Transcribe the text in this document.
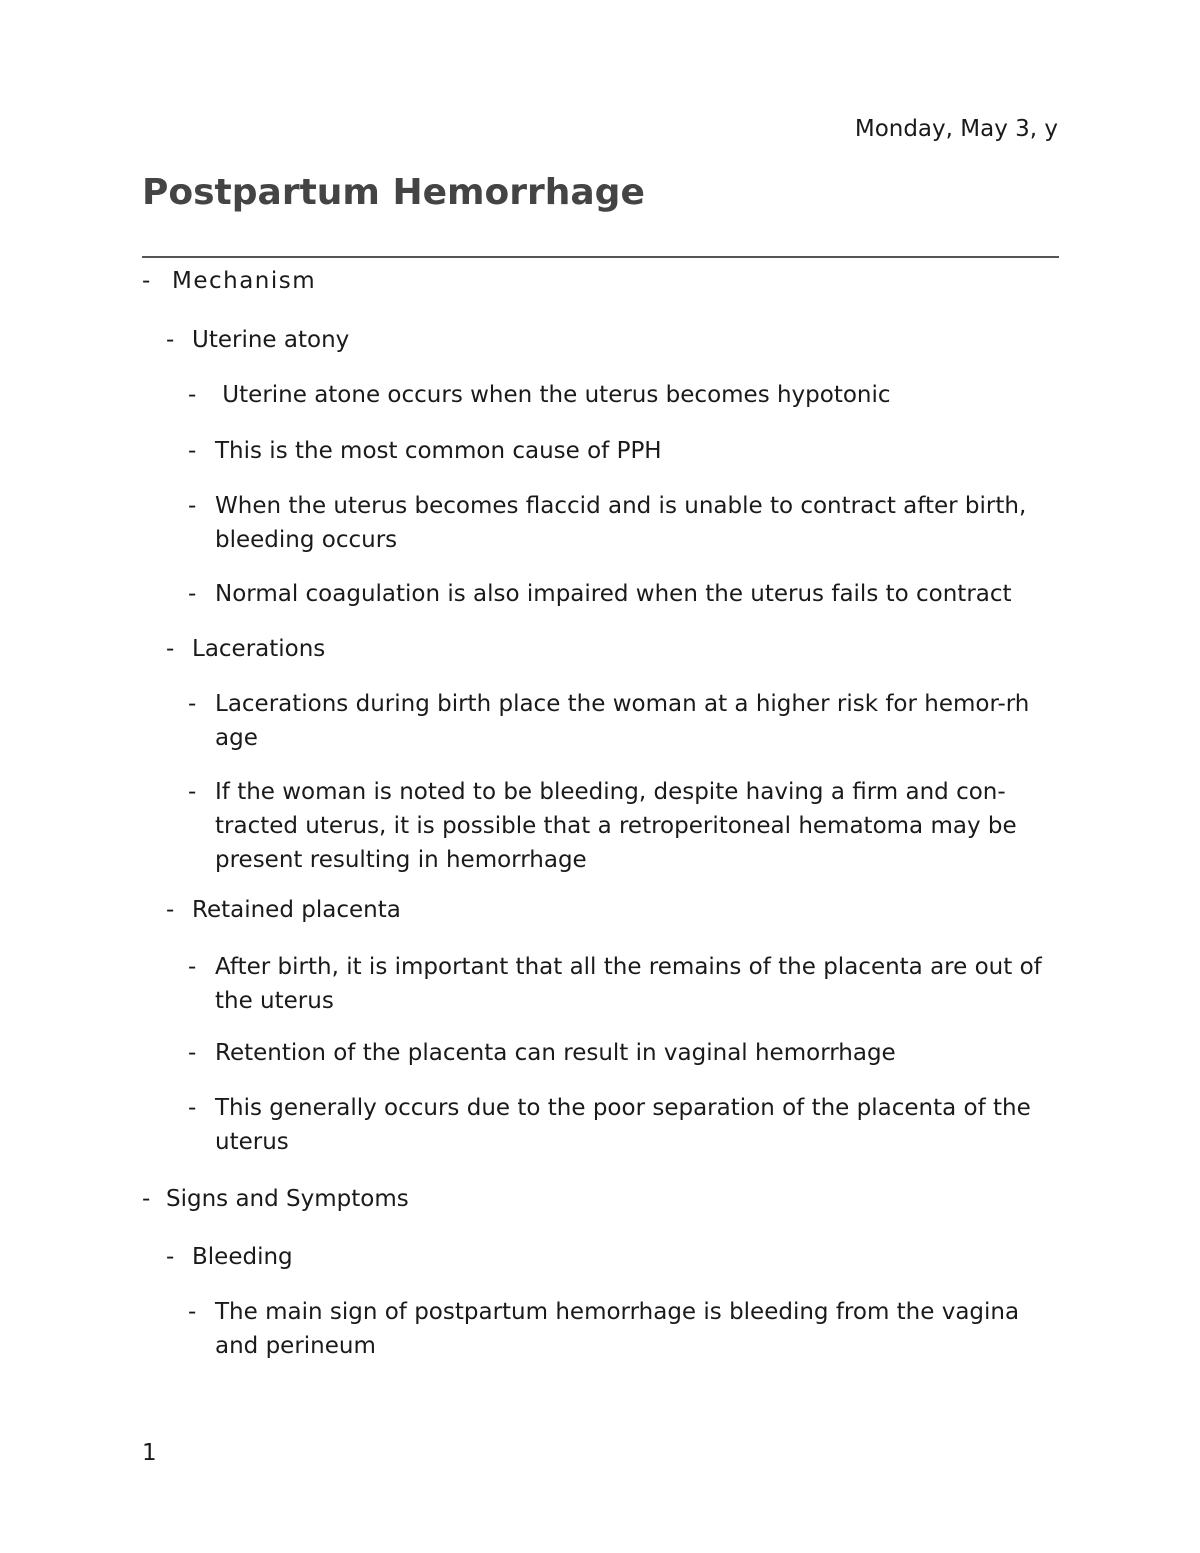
Monday, May 3, y
Postpartum Hemorrhage
- Mechanism
- Uterine atony
- Uterine atone occurs when the uterus becomes hypotonic
- This is the most common cause of PPH
- When the uterus becomes flaccid and is unable to contract after birth, bleeding occurs
- Normal coagulation is also impaired when the uterus fails to contract
- Lacerations
- Lacerations during birth place the woman at a higher risk for hemor-rhage
- If the woman is noted to be bleeding, despite having a firm and con-tracted uterus, it is possible that a retroperitoneal hematoma may be present resulting in hemorrhage
- Retained placenta
- After birth, it is important that all the remains of the placenta are out of the uterus
- Retention of the placenta can result in vaginal hemorrhage
- This generally occurs due to the poor separation of the placenta of the uterus
- Signs and Symptoms
- Bleeding
- The main sign of postpartum hemorrhage is bleeding from the vagina and perineum
1
